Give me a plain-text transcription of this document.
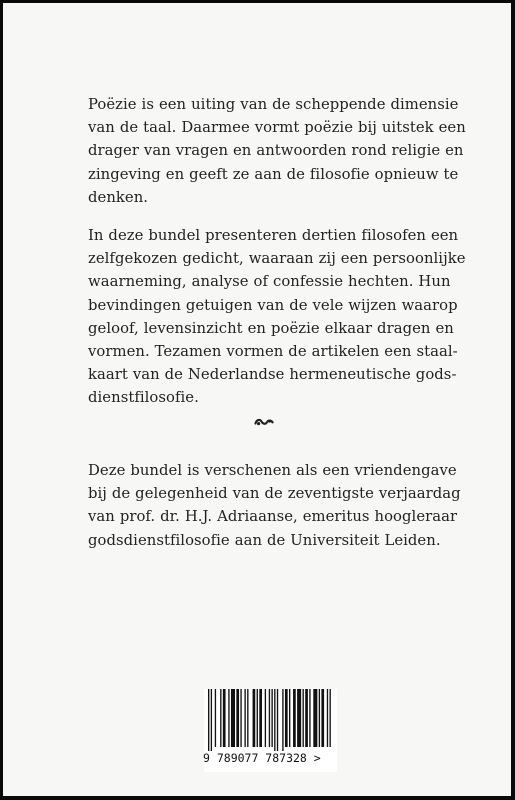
Poëzie is een uiting van de scheppende dimensie
van de taal. Daarmee vormt poëzie bij uitstek een
drager van vragen en antwoorden rond religie en
zingeving en geeft ze aan de filosofie opnieuw te
denken.

In deze bundel presenteren dertien filosofen een
zelfgekozen gedicht, waaraan zij een persoonlijke
waarneming, analyse of confessie hechten. Hun
bevindingen getuigen van de vele wijzen waarop
geloof, levensinzicht en poëzie elkaar dragen en
vormen. Tezamen vormen de artikelen een staal-
kaart van de Nederlandse hermeneutische gods-
dienstfilosofie.

Deze bundel is verschenen als een vriendengave
bij de gelegenheid van de zeventigste verjaardag
van prof. dr. H.J. Adriaanse, emeritus hoogleraar
godsdienstfilosofie aan de Universiteit Leiden.

9 789077 787328 >
